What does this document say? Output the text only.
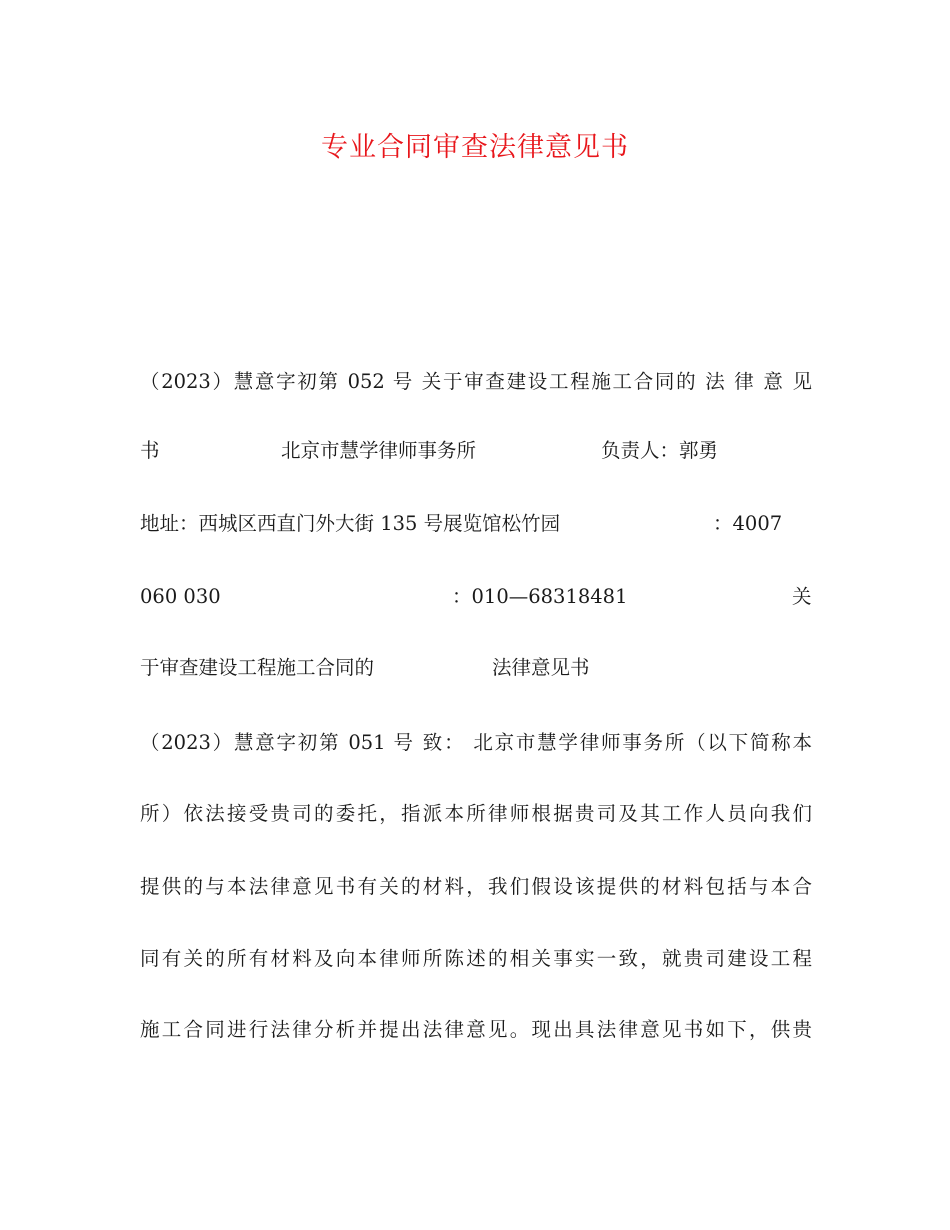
专业合同审查法律意见书
（2023）慧意字初第 052 号 关于审查建设工程施工合同的 法 律 意 见
书	北京市慧学律师事务所	负责人：郭勇
地址：西城区西直门外大街 135 号展览馆松竹园	：4007
060 030	：010—68318481	关
于审查建设工程施工合同的	法律意见书
（2023）慧意字初第 051 号 致： 北京市慧学律师事务所（以下简称本
所）依法接受贵司的委托，指派本所律师根据贵司及其工作人员向我们
提供的与本法律意见书有关的材料，我们假设该提供的材料包括与本合
同有关的所有材料及向本律师所陈述的相关事实一致，就贵司建设工程
施工合同进行法律分析并提出法律意见。现出具法律意见书如下，供贵
